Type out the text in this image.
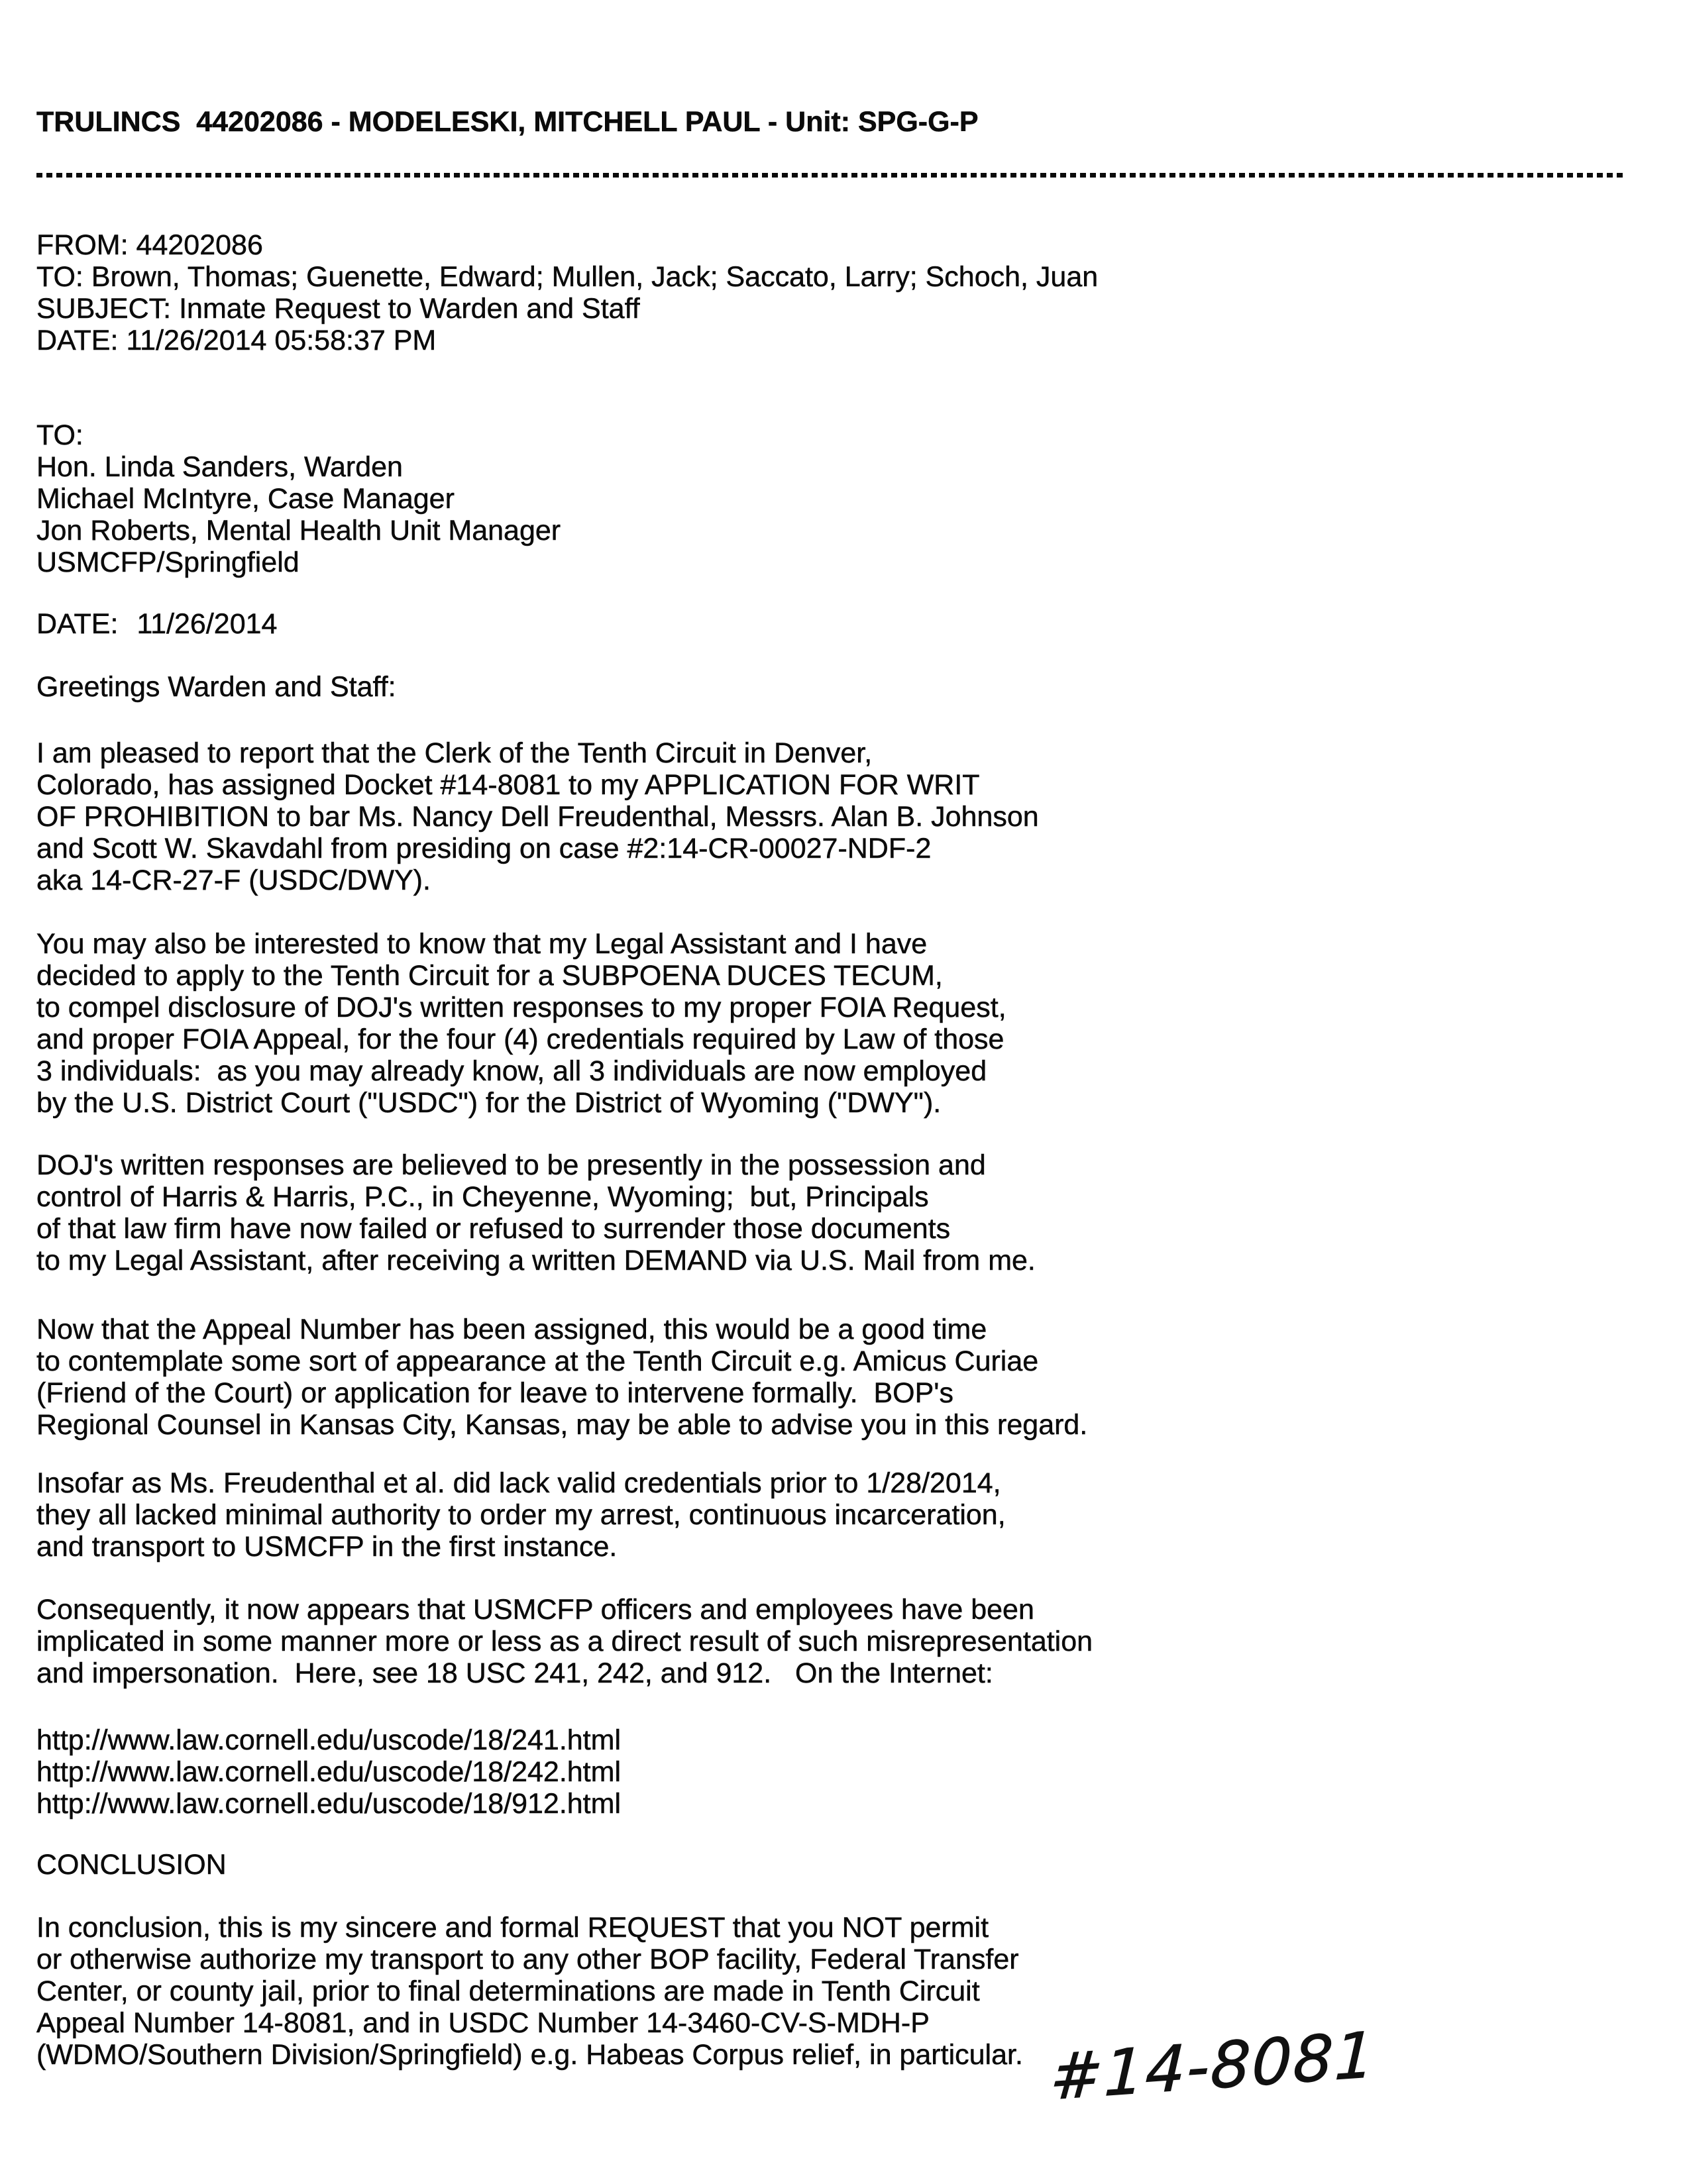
TRULINCS  44202086 - MODELESKI, MITCHELL PAUL - Unit: SPG-G-P
FROM: 44202086
TO: Brown, Thomas; Guenette, Edward; Mullen, Jack; Saccato, Larry; Schoch, Juan
SUBJECT: Inmate Request to Warden and Staff
DATE: 11/26/2014 05:58:37 PM
TO:
Hon. Linda Sanders, Warden
Michael McIntyre, Case Manager
Jon Roberts, Mental Health Unit Manager
USMCFP/Springfield
DATE: 11/26/2014
Greetings Warden and Staff:
I am pleased to report that the Clerk of the Tenth Circuit in Denver,
Colorado, has assigned Docket #14-8081 to my APPLICATION FOR WRIT
OF PROHIBITION to bar Ms. Nancy Dell Freudenthal, Messrs. Alan B. Johnson
and Scott W. Skavdahl from presiding on case #2:14-CR-00027-NDF-2
aka 14-CR-27-F (USDC/DWY).
You may also be interested to know that my Legal Assistant and I have
decided to apply to the Tenth Circuit for a SUBPOENA DUCES TECUM,
to compel disclosure of DOJ's written responses to my proper FOIA Request,
and proper FOIA Appeal, for the four (4) credentials required by Law of those
3 individuals:  as you may already know, all 3 individuals are now employed
by the U.S. District Court ("USDC") for the District of Wyoming ("DWY").
DOJ's written responses are believed to be presently in the possession and
control of Harris & Harris, P.C., in Cheyenne, Wyoming;  but, Principals
of that law firm have now failed or refused to surrender those documents
to my Legal Assistant, after receiving a written DEMAND via U.S. Mail from me.
Now that the Appeal Number has been assigned, this would be a good time
to contemplate some sort of appearance at the Tenth Circuit e.g. Amicus Curiae
(Friend of the Court) or application for leave to intervene formally.  BOP's
Regional Counsel in Kansas City, Kansas, may be able to advise you in this regard.
Insofar as Ms. Freudenthal et al. did lack valid credentials prior to 1/28/2014,
they all lacked minimal authority to order my arrest, continuous incarceration,
and transport to USMCFP in the first instance.
Consequently, it now appears that USMCFP officers and employees have been
implicated in some manner more or less as a direct result of such misrepresentation
and impersonation.  Here, see 18 USC 241, 242, and 912.   On the Internet:
http://www.law.cornell.edu/uscode/18/241.html
http://www.law.cornell.edu/uscode/18/242.html
http://www.law.cornell.edu/uscode/18/912.html
CONCLUSION
In conclusion, this is my sincere and formal REQUEST that you NOT permit
or otherwise authorize my transport to any other BOP facility, Federal Transfer
Center, or county jail, prior to final determinations are made in Tenth Circuit
Appeal Number 14-8081, and in USDC Number 14-3460-CV-S-MDH-P
(WDMO/Southern Division/Springfield) e.g. Habeas Corpus relief, in particular. #14-8081
